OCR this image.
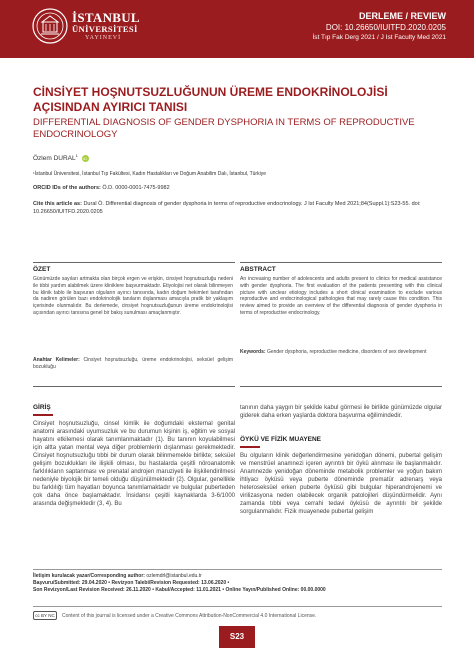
İSTANBUL
ÜNİVERSİTESİ
YAYINEVİ
DERLEME / REVIEW
DOI: 10.26650/IUITFD.2020.0205
İst Tıp Fak Derg 2021 / J Ist Faculty Med 2021
CİNSİYET HOŞNUTSUZLUĞUNUN ÜREME ENDOKRİNOLOJİSİ AÇISINDAN AYIRICI TANISI
DIFFERENTIAL DIAGNOSIS OF GENDER DYSPHORIA IN TERMS OF REPRODUCTIVE ENDOCRINOLOGY
Özlem DURAL$^1$ iD
¹İstanbul Üniversitesi, İstanbul Tıp Fakültesi, Kadın Hastalıkları ve Doğum Anabilim Dalı, İstanbul, Türkiye
ORCID IDs of the authors: Ö.D. 0000-0001-7475-9982
Cite this article as: Dural Ö. Differential diagnosis of gender dysphoria in terms of reproductive endocrinology. J Ist Faculty Med 2021;84(Suppl.1):S23-55. doi: 10.26650/IUITFD.2020.0205
ÖZET
Günümüzde sayıları artmakta olan birçok ergen ve erişkin, cinsiyet hoşnutsuzluğu nedeni ile tıbbi yardım alabilmek üzere kliniklere başvurmaktadır. Etiyolojisi net olarak bilinmeyen bu klinik tablo ile başvuran olguların ayırıcı tanısında, kadın doğum hekimleri tarafından da nadiren görülen bazı endokrinolojik tanıların dışlanması amacıyla pratik bir yaklaşım içerisinde olunmalıdır. Bu derlemede, cinsiyet hoşnutsuzluğunun üreme endokrinolojisi açısından ayırıcı tanısına genel bir bakış sunulması amaçlanmıştır.
Anahtar Kelimeler: Cinsiyet hoşnutsuzluğu, üreme endokrinolojisi, seksüel gelişim bozukluğu
ABSTRACT
An increasing number of adolescents and adults present to clinics for medical assistance with gender dysphoria. The first evaluation of the patients presenting with this clinical picture with unclear etiology includes a short clinical examination to exclude various reproductive and endocrinological pathologies that may rarely cause this condition. This review aimed to provide an overview of the differential diagnosis of gender dysphoria in terms of reproductive endocrinology.
Keywords: Gender dysphoria, reproductive medicine, disorders of sex development
GİRİŞ
Cinsiyet hoşnutsuzluğu, cinsel kimlik ile doğumdaki eksternal genital anatomi arasındaki uyumsuzluk ve bu durumun kişinin iş, eğitim ve sosyal hayatını etkilemesi olarak tanımlanmaktadır (1). Bu tanının koyulabilmesi için altta yatan mental veya diğer problemlerin dışlanması gerekmektedir. Cinsiyet hoşnutsuzluğu tıbbi bir durum olarak bilinmemekle birlikte; seksüel gelişim bozuklukları ile ilişkili olması, bu hastalarda çeşitli nöroanatomik farklılıkların saptanması ve prenatal androjen maruziyeti ile ilişkilendirilmesi nedeniyle biyolojik bir temeli olduğu düşünülmektedir (2). Olgular, genellikle bu farklılığı tüm hayatları boyunca tanımlamaktadır ve bulgular puberteden çok daha önce başlamaktadır. İnsidansı çeşitli kaynaklarda 3-6/1000 arasında değişmektedir (3, 4). Bu
tanının daha yaygın bir şekilde kabul görmesi ile birlikte günümüzde olgular giderek daha erken yaşlarda doktora başvurma eğilimindedir.
ÖYKÜ VE FİZİK MUAYENE
Bu olguların klinik değerlendirmesine yenidoğan dönemi, pubertal gelişim ve menstrüel anamnezi içeren ayrıntılı bir öykü alınması ile başlanmalıdır. Anamnezde yenidoğan döneminde metabolik problemler ve yoğun bakım ihtiyacı öyküsü veya puberte döneminde prematür adrenarş veya heteroseksüel erken puberte öyküsü gibi bulgular hiperandrojenemi ve virilizasyona neden olabilecek organik patolojileri düşündürmelidir. Aynı zamanda tıbbi veya cerrahi tedavi öyküsü de ayrıntılı bir şekilde sorgulanmalıdır. Fizik muayenede pubertal gelişim
İletişim kurulacak yazar/Corresponding author: ozlemdrl@istanbul.edu.tr
Başvuru/Submitted: 29.04.2020 • Revizyon Talebi/Revision Requested: 13.06.2020 •
Son Revizyon/Last Revision Received: 26.11.2020 • Kabul/Accepted: 11.01.2021 • Online Yayın/Published Online: 00.00.0000
cc BY NC	Content of this journal is licensed under a Creative Commons Attribution-NonCommercial 4.0 International License.
S23
